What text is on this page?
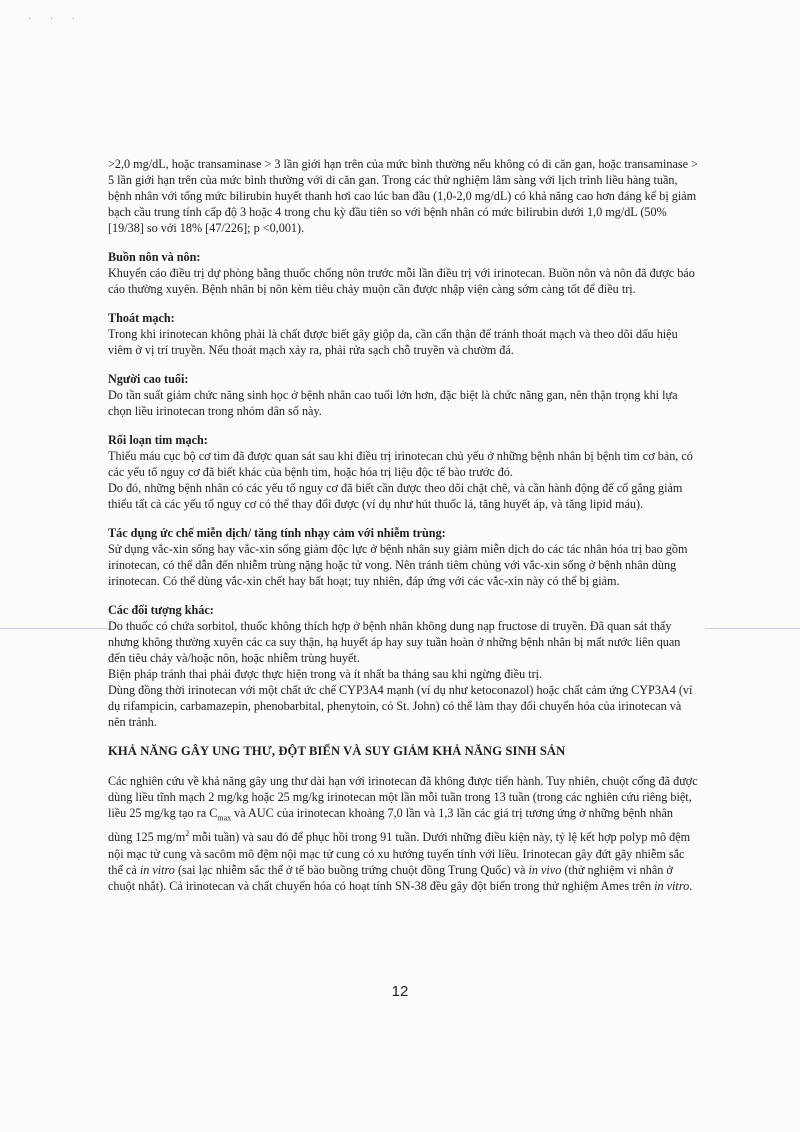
· · ·

>2,0 mg/dL, hoặc transaminase > 3 lần giới hạn trên của mức bình thường nếu không có di căn gan, hoặc transaminase > 5 lần giới hạn trên của mức bình thường với di căn gan. Trong các thử nghiệm lâm sàng với lịch trình liều hàng tuần, bệnh nhân với tổng mức bilirubin huyết thanh hơi cao lúc ban đầu (1,0-2,0 mg/dL) có khả năng cao hơn đáng kể bị giảm bạch cầu trung tính cấp độ 3 hoặc 4 trong chu kỳ đầu tiên so với bệnh nhân có mức bilirubin dưới 1,0 mg/dL (50% [19/38] so với 18% [47/226]; p <0,001).

Buồn nôn và nôn:

Khuyến cáo điều trị dự phòng bằng thuốc chống nôn trước mỗi lần điều trị với irinotecan. Buồn nôn và nôn đã được báo cáo thường xuyên. Bệnh nhân bị nôn kèm tiêu chảy muộn cần được nhập viện càng sớm càng tốt để điều trị.

Thoát mạch:

Trong khi irinotecan không phải là chất được biết gây giộp da, cần cẩn thận để tránh thoát mạch và theo dõi dấu hiệu viêm ở vị trí truyền. Nếu thoát mạch xảy ra, phải rửa sạch chỗ truyền và chườm đá.

Người cao tuổi:

Do tần suất giảm chức năng sinh học ở bệnh nhân cao tuổi lớn hơn, đặc biệt là chức năng gan, nên thận trọng khi lựa chọn liều irinotecan trong nhóm dân số này.

Rối loạn tim mạch:

Thiếu máu cục bộ cơ tim đã được quan sát sau khi điều trị irinotecan chủ yếu ở những bệnh nhân bị bệnh tim cơ bản, có các yếu tố nguy cơ đã biết khác của bệnh tim, hoặc hóa trị liệu độc tế bào trước đó.

Do đó, những bệnh nhân có các yếu tố nguy cơ đã biết cần được theo dõi chặt chẽ, và cần hành động để cố gắng giảm thiểu tất cả các yếu tố nguy cơ có thể thay đổi được (ví dụ như hút thuốc lá, tăng huyết áp, và tăng lipid máu).

Tác dụng ức chế miễn dịch/ tăng tính nhạy cảm với nhiễm trùng:

Sử dụng vắc-xin sống hay vắc-xin sống giảm độc lực ở bệnh nhân suy giảm miễn dịch do các tác nhân hóa trị bao gồm irinotecan, có thể dẫn đến nhiễm trùng nặng hoặc tử vong. Nên tránh tiêm chủng với vắc-xin sống ở bệnh nhân dùng irinotecan. Có thể dùng vắc-xin chết hay bất hoạt; tuy nhiên, đáp ứng với các vắc-xin này có thể bị giảm.

Các đối tượng khác:

Do thuốc có chứa sorbitol, thuốc không thích hợp ở bệnh nhân không dung nạp fructose di truyền. Đã quan sát thấy nhưng không thường xuyên các ca suy thận, hạ huyết áp hay suy tuần hoàn ở những bệnh nhân bị mất nước liên quan đến tiêu chảy và/hoặc nôn, hoặc nhiễm trùng huyết.

Biện pháp tránh thai phải được thực hiện trong và ít nhất ba tháng sau khi ngừng điều trị.

Dùng đồng thời irinotecan với một chất ức chế CYP3A4 mạnh (ví dụ như ketoconazol) hoặc chất cảm ứng CYP3A4 (ví dụ rifampicin, carbamazepin, phenobarbital, phenytoin, cỏ St. John) có thể làm thay đổi chuyển hóa của irinotecan và nên tránh.

KHẢ NĂNG GÂY UNG THƯ, ĐỘT BIẾN VÀ SUY GIẢM KHẢ NĂNG SINH SẢN

Các nghiên cứu về khả năng gây ung thư dài hạn với irinotecan đã không được tiến hành. Tuy nhiên, chuột cống đã được dùng liều tĩnh mạch 2 mg/kg hoặc 25 mg/kg irinotecan một lần mỗi tuần trong 13 tuần (trong các nghiên cứu riêng biệt, liều 25 mg/kg tạo ra $C_{max}$ và AUC của irinotecan khoảng 7,0 lần và 1,3 lần các giá trị tương ứng ở những bệnh nhân dùng 125 $mg/m^2$ mỗi tuần) và sau đó để phục hồi trong 91 tuần. Dưới những điều kiện này, tỷ lệ kết hợp polyp mô đệm nội mạc tử cung và sacôm mô đệm nội mạc tử cung có xu hướng tuyến tính với liều. Irinotecan gây đứt gãy nhiễm sắc thể cả in vitro (sai lạc nhiễm sắc thể ở tế bào buồng trứng chuột đồng Trung Quốc) và in vivo (thử nghiệm vi nhân ở chuột nhắt). Cả irinotecan và chất chuyển hóa có hoạt tính SN-38 đều gây đột biến trong thử nghiệm Ames trên in vitro.

12
